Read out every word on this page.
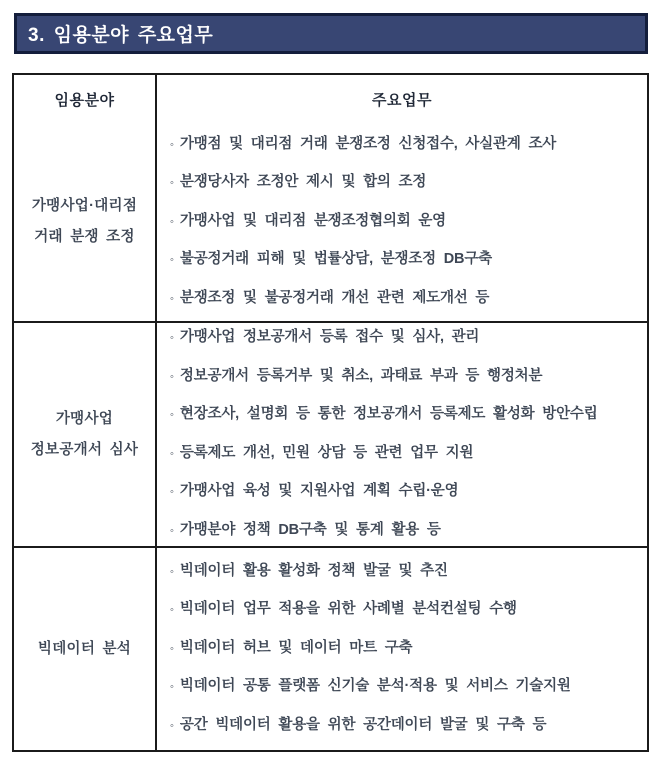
3. 임용분야 주요업무
임용분야	주요업무
가맹사업·대리점
거래 분쟁 조정
◦ 가맹점 및 대리점 거래 분쟁조정 신청접수, 사실관계 조사
◦ 분쟁당사자 조정안 제시 및 합의 조정
◦ 가맹사업 및 대리점 분쟁조정협의회 운영
◦ 불공정거래 피해 및 법률상담, 분쟁조정 DB구축
◦ 분쟁조정 및 불공정거래 개선 관련 제도개선 등
가맹사업
정보공개서 심사
◦ 가맹사업 정보공개서 등록 접수 및 심사, 관리
◦ 정보공개서 등록거부 및 취소, 과태료 부과 등 행정처분
◦ 현장조사, 설명회 등 통한 정보공개서 등록제도 활성화 방안수립
◦ 등록제도 개선, 민원 상담 등 관련 업무 지원
◦ 가맹사업 육성 및 지원사업 계획 수립·운영
◦ 가맹분야 정책 DB구축 및 통계 활용 등
빅데이터 분석
◦ 빅데이터 활용 활성화 정책 발굴 및 추진
◦ 빅데이터 업무 적용을 위한 사례별 분석컨설팅 수행
◦ 빅데이터 허브 및 데이터 마트 구축
◦ 빅데이터 공통 플랫폼 신기술 분석·적용 및 서비스 기술지원
◦ 공간 빅데이터 활용을 위한 공간데이터 발굴 및 구축 등
